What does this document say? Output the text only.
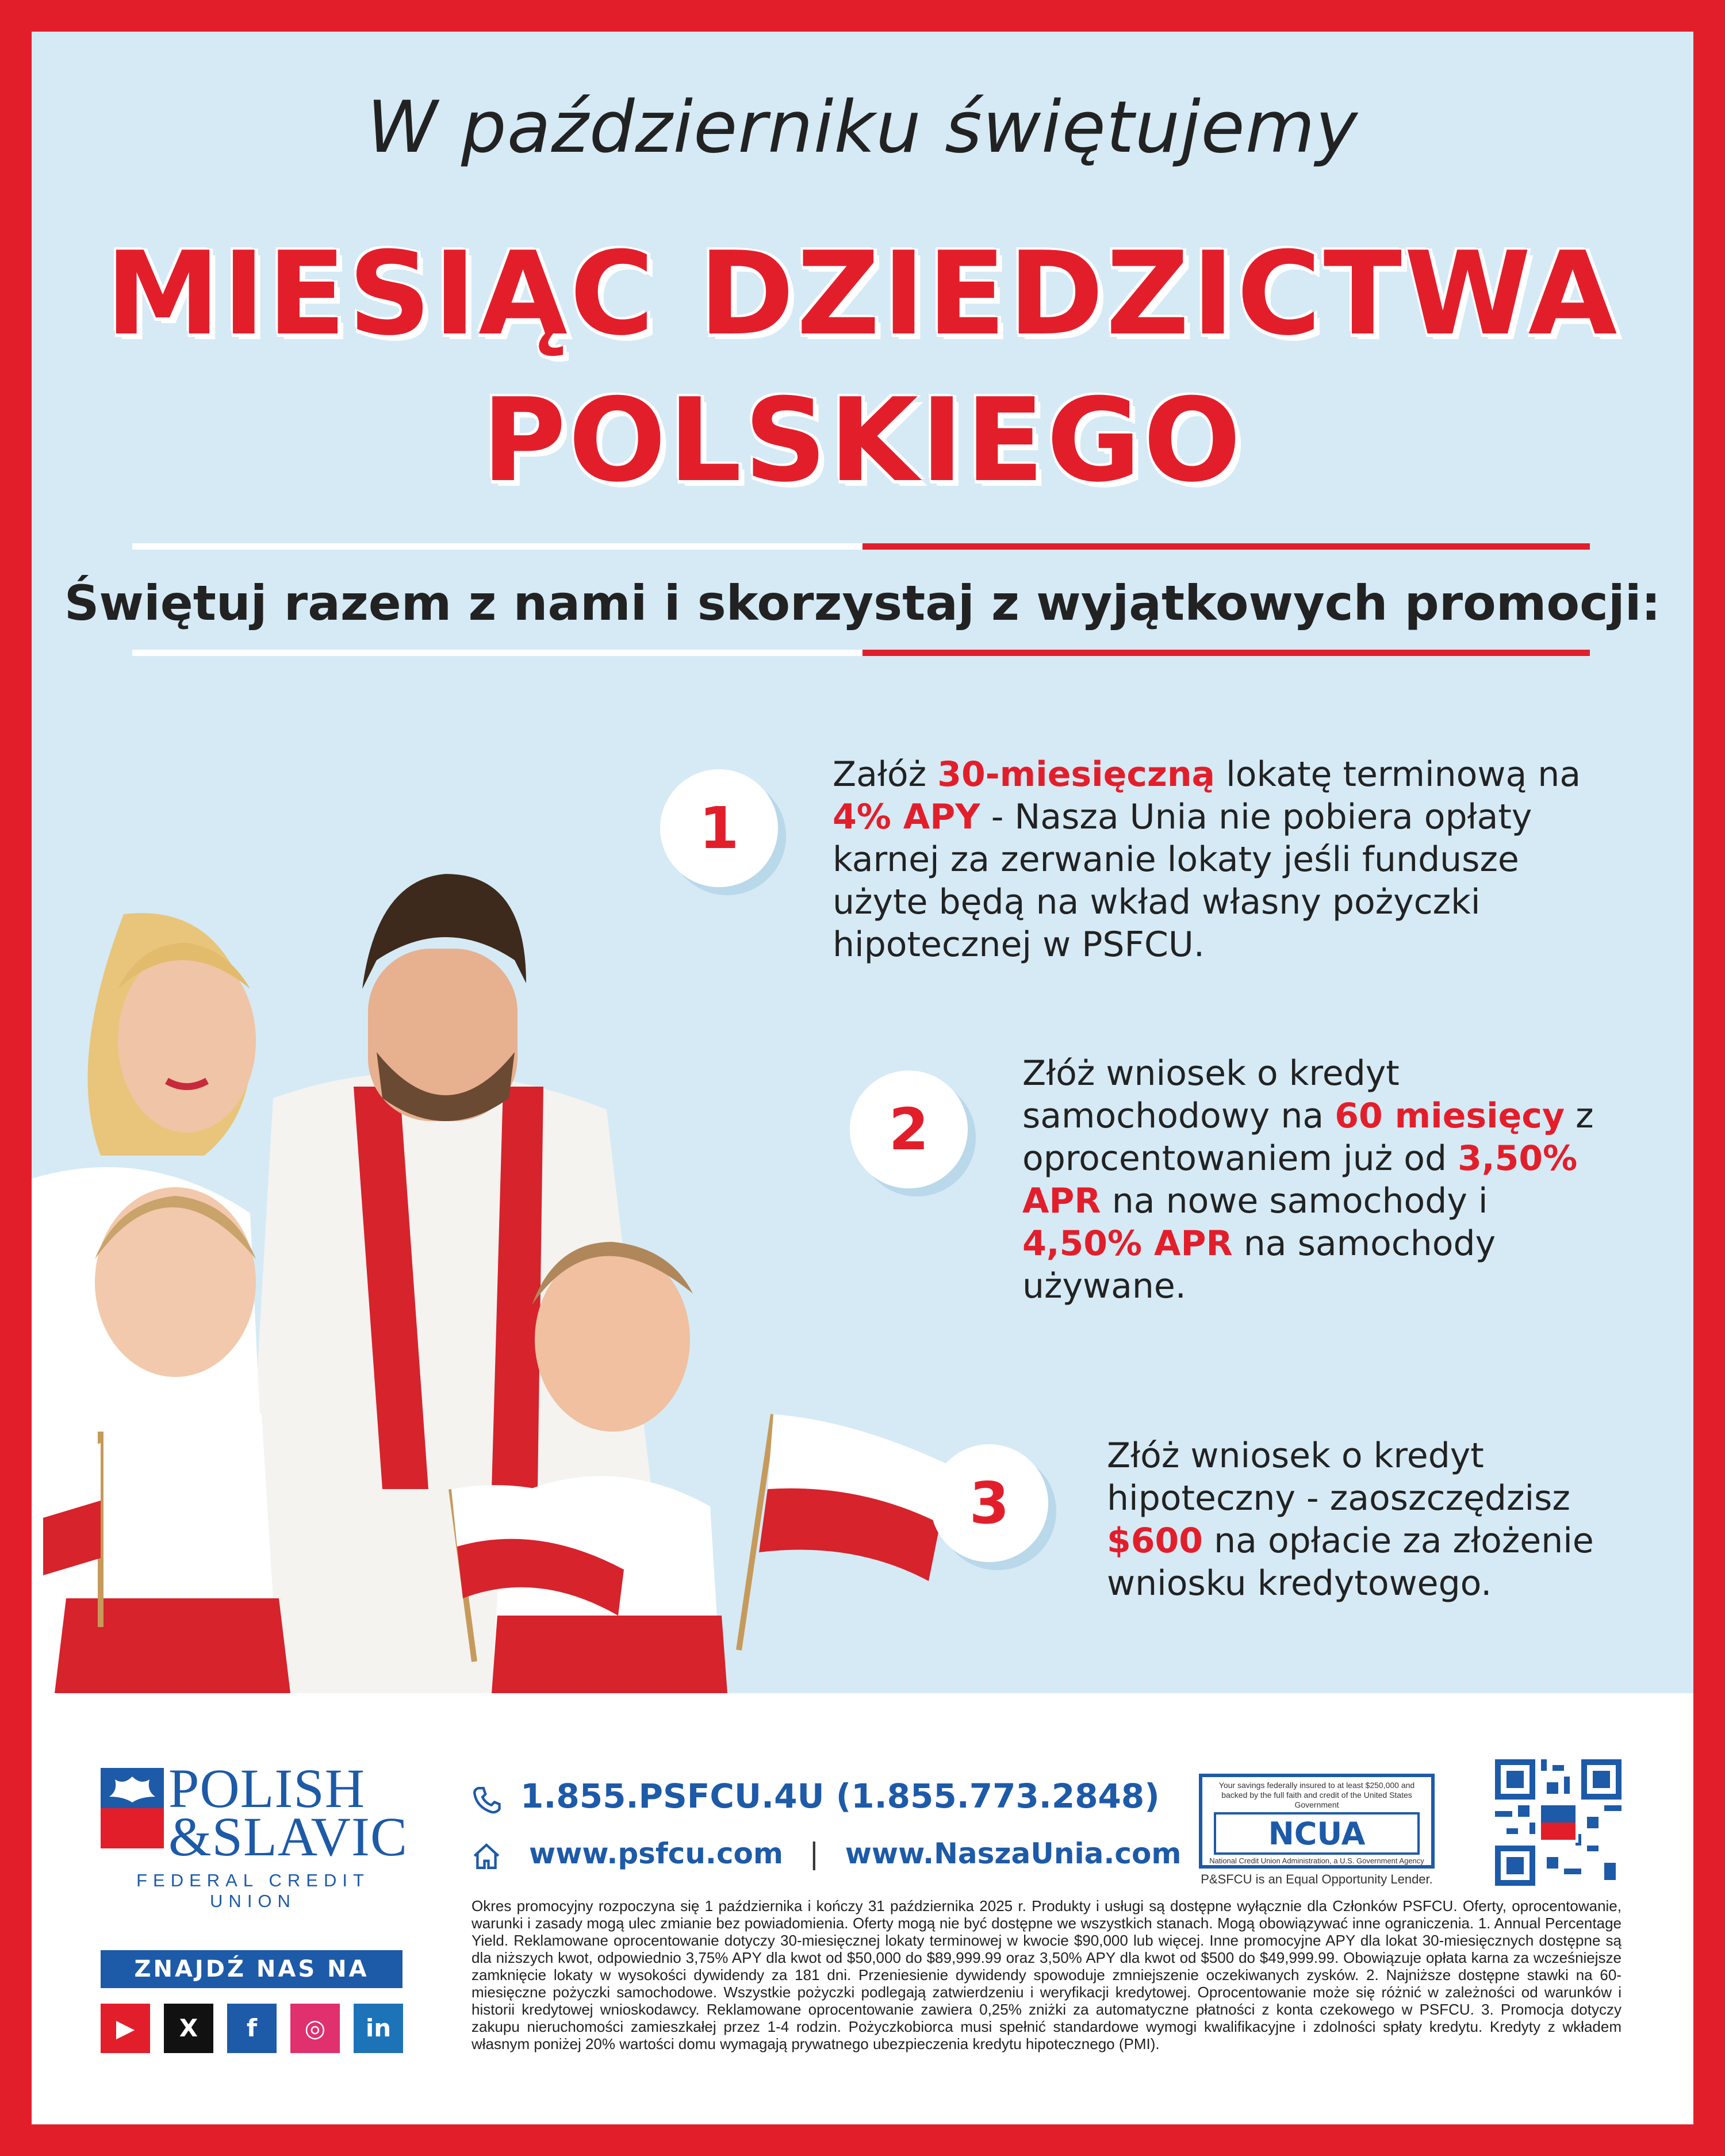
W październiku świętujemy
MIESIĄC DZIEDZICTWA
POLSKIEGO
Świętuj razem z nami i skorzystaj z wyjątkowych promocji:
1
Załóż 30-miesięczną lokatę terminową na 4% APY - Nasza Unia nie pobiera opłaty karnej za zerwanie lokaty jeśli fundusze użyte będą na wkład własny pożyczki hipotecznej w PSFCU.
2
Złóż wniosek o kredyt samochodowy na 60 miesięcy z oprocentowaniem już od 3,50% APR na nowe samochody i 4,50% APR na samochody używane.
3
Złóż wniosek o kredyt hipoteczny - zaoszczędzisz $600 na opłacie za złożenie wniosku kredytowego.
POLISH
&SLAVIC
FEDERAL CREDIT UNION
ZNAJDŹ NAS NA
▶	X	f	◎	in
1.855.PSFCU.4U (1.855.773.2848)
www.psfcu.com | www.NaszaUnia.com
Your savings federally insured to at least $250,000 and backed by the full faith and credit of the United States Government
NCUA
National Credit Union Administration, a U.S. Government Agency
P&SFCU is an Equal Opportunity Lender.
Okres promocyjny rozpoczyna się 1 października i kończy 31 października 2025 r. Produkty i usługi są dostępne wyłącznie dla Członków PSFCU. Oferty, oprocentowanie, warunki i zasady mogą ulec zmianie bez powiadomienia. Oferty mogą nie być dostępne we wszystkich stanach. Mogą obowiązywać inne ograniczenia. 1. Annual Percentage Yield. Reklamowane oprocentowanie dotyczy 30-miesięcznej lokaty terminowej w kwocie $90,000 lub więcej. Inne promocyjne APY dla lokat 30-miesięcznych dostępne są dla niższych kwot, odpowiednio 3,75% APY dla kwot od $50,000 do $89,999.99 oraz 3,50% APY dla kwot od $500 do $49,999.99. Obowiązuje opłata karna za wcześniejsze zamknięcie lokaty w wysokości dywidendy za 181 dni. Przeniesienie dywidendy spowoduje zmniejszenie oczekiwanych zysków. 2. Najniższe dostępne stawki na 60-miesięczne pożyczki samochodowe. Wszystkie pożyczki podlegają zatwierdzeniu i weryfikacji kredytowej. Oprocentowanie może się różnić w zależności od warunków i historii kredytowej wnioskodawcy. Reklamowane oprocentowanie zawiera 0,25% zniżki za automatyczne płatności z konta czekowego w PSFCU. 3. Promocja dotyczy zakupu nieruchomości zamieszkałej przez 1-4 rodzin. Pożyczkobiorca musi spełnić standardowe wymogi kwalifikacyjne i zdolności spłaty kredytu. Kredyty z wkładem własnym poniżej 20% wartości domu wymagają prywatnego ubezpieczenia kredytu hipotecznego (PMI).
